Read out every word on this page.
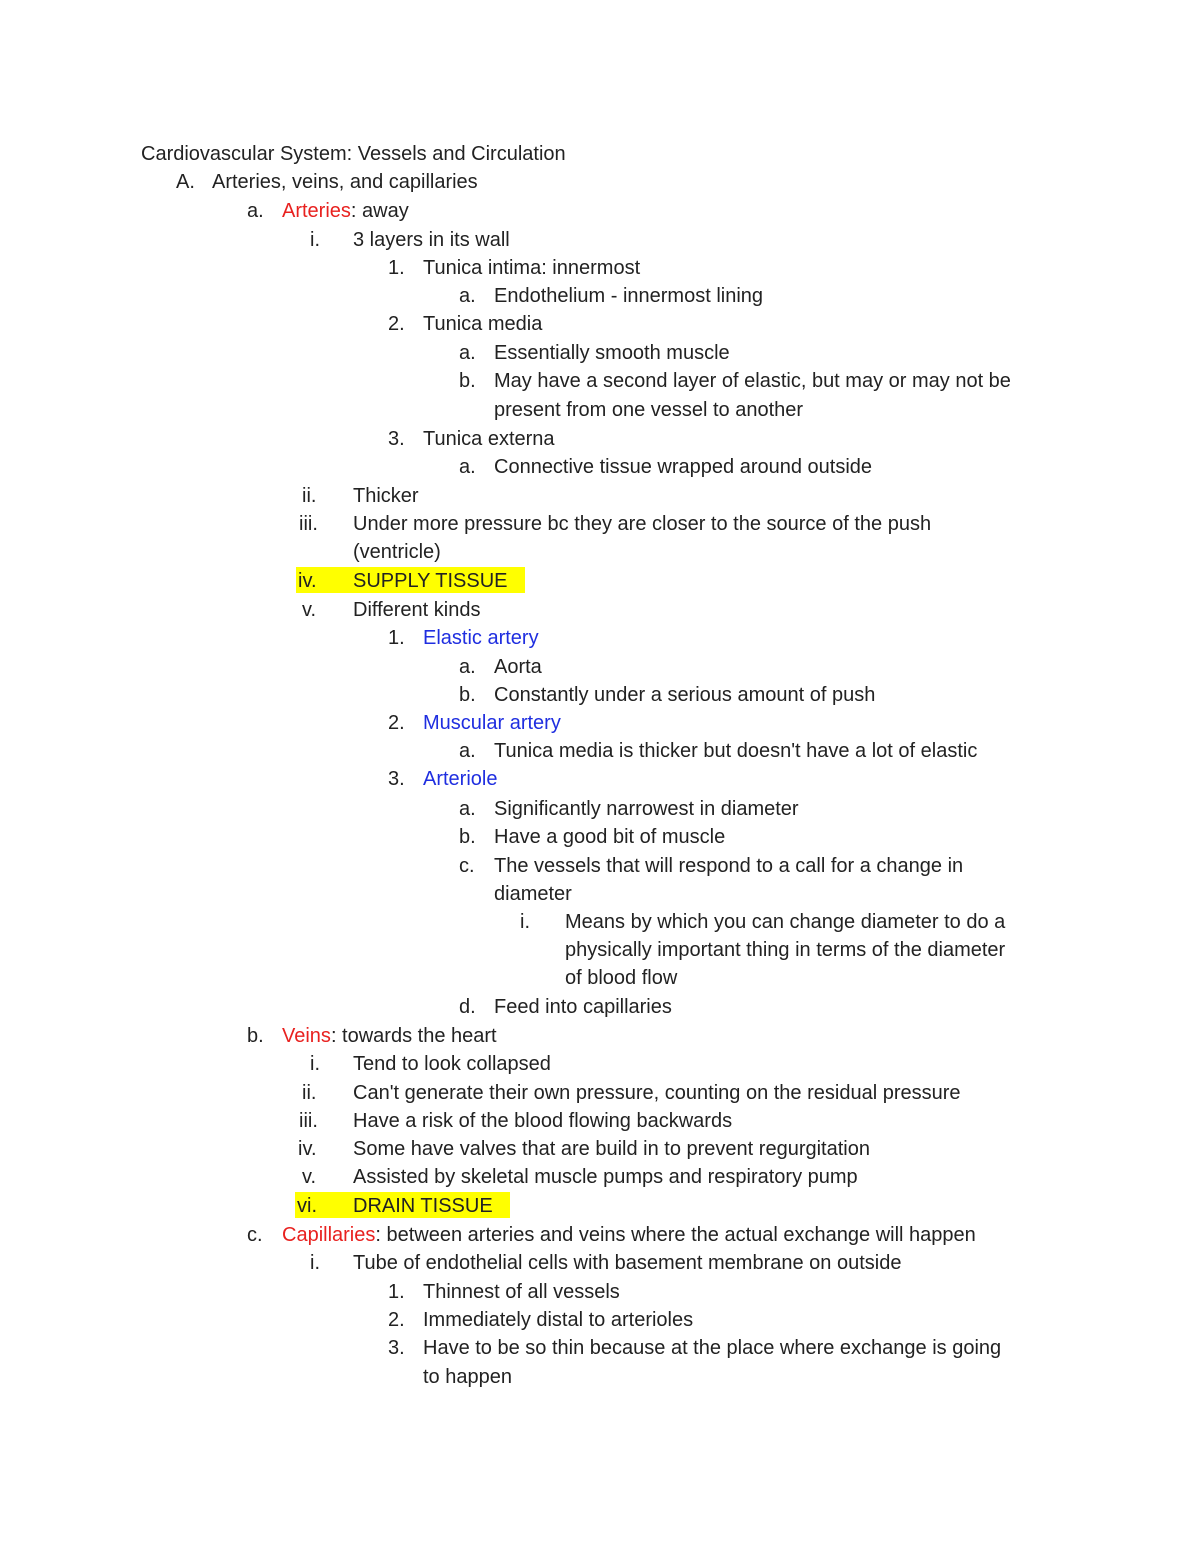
Cardiovascular System: Vessels and Circulation
A. Arteries, veins, and capillaries
a. Arteries: away
i. 3 layers in its wall
1. Tunica intima: innermost
a. Endothelium - innermost lining
2. Tunica media
a. Essentially smooth muscle
b. May have a second layer of elastic, but may or may not be
present from one vessel to another
3. Tunica externa
a. Connective tissue wrapped around outside
ii. Thicker
iii. Under more pressure bc they are closer to the source of the push
(ventricle)
iv. SUPPLY TISSUE
v. Different kinds
1. Elastic artery
a. Aorta
b. Constantly under a serious amount of push
2. Muscular artery
a. Tunica media is thicker but doesn't have a lot of elastic
3. Arteriole
a. Significantly narrowest in diameter
b. Have a good bit of muscle
c. The vessels that will respond to a call for a change in
diameter
i. Means by which you can change diameter to do a
physically important thing in terms of the diameter
of blood flow
d. Feed into capillaries
b. Veins: towards the heart
i. Tend to look collapsed
ii. Can't generate their own pressure, counting on the residual pressure
iii. Have a risk of the blood flowing backwards
iv. Some have valves that are build in to prevent regurgitation
v. Assisted by skeletal muscle pumps and respiratory pump
vi. DRAIN TISSUE
c. Capillaries: between arteries and veins where the actual exchange will happen
i. Tube of endothelial cells with basement membrane on outside
1. Thinnest of all vessels
2. Immediately distal to arterioles
3. Have to be so thin because at the place where exchange is going
to happen
